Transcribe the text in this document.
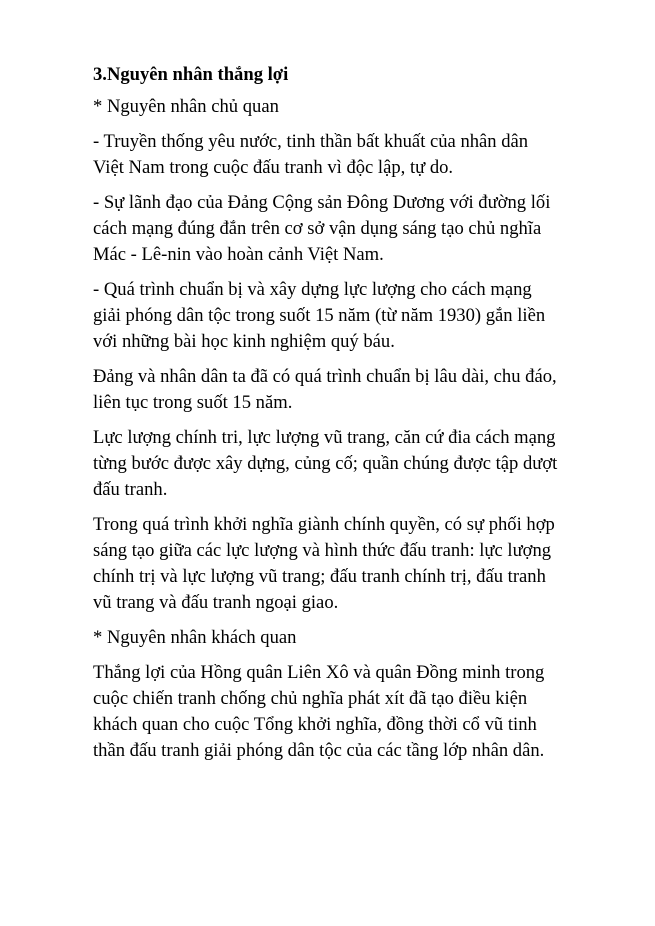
3.Nguyên nhân thắng lợi
* Nguyên nhân chủ quan
- Truyền thống yêu nước, tinh thần bất khuất của nhân dân
Việt Nam trong cuộc đấu tranh vì độc lập, tự do.
- Sự lãnh đạo của Đảng Cộng sản Đông Dương với đường lối
cách mạng đúng đắn trên cơ sở vận dụng sáng tạo chủ nghĩa
Mác - Lê-nin vào hoàn cảnh Việt Nam.
- Quá trình chuẩn bị và xây dựng lực lượng cho cách mạng
giải phóng dân tộc trong suốt 15 năm (từ năm 1930) gắn liền
với những bài học kinh nghiệm quý báu.
Đảng và nhân dân ta đã có quá trình chuẩn bị lâu dài, chu đáo,
liên tục trong suốt 15 năm.
Lực lượng chính tri, lực lượng vũ trang, căn cứ đia cách mạng
từng bước được xây dựng, củng cố; quần chúng được tập dượt
đấu tranh.
Trong quá trình khởi nghĩa giành chính quyền, có sự phối hợp
sáng tạo giữa các lực lượng và hình thức đấu tranh: lực lượng
chính trị và lực lượng vũ trang; đấu tranh chính trị, đấu tranh
vũ trang và đấu tranh ngoại giao.
* Nguyên nhân khách quan
Thắng lợi của Hồng quân Liên Xô và quân Đồng minh trong
cuộc chiến tranh chống chủ nghĩa phát xít đã tạo điều kiện
khách quan cho cuộc Tổng khởi nghĩa, đồng thời cổ vũ tinh
thần đấu tranh giải phóng dân tộc của các tầng lớp nhân dân.
